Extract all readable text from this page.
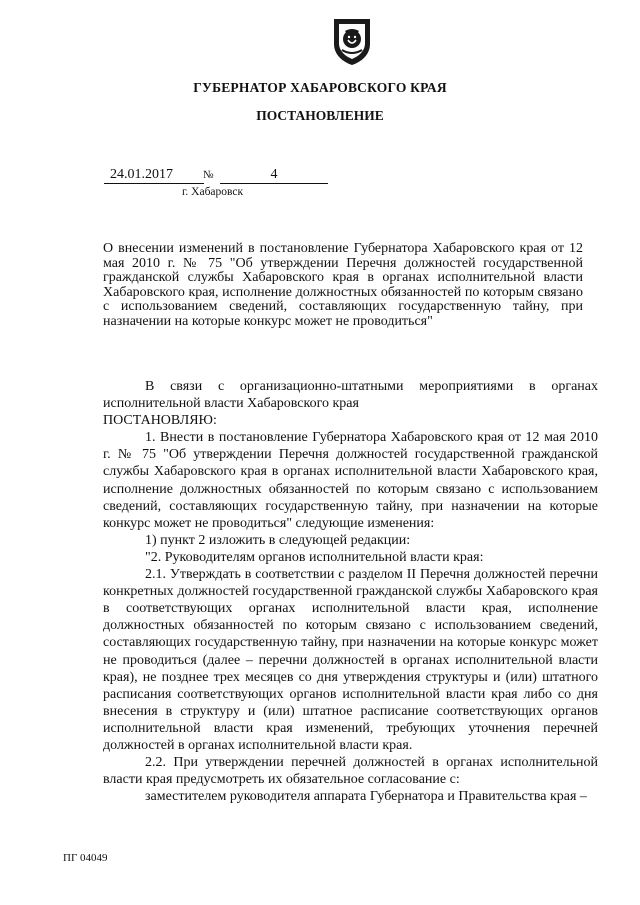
ГУБЕРНАТОР ХАБАРОВСКОГО КРАЯ
ПОСТАНОВЛЕНИЕ
24.01.2017	№	4
г. Хабаровск
О внесении изменений в постановление Губернатора Хабаровского края от 12 мая 2010 г. № 75 "Об утверждении Перечня должностей государственной гражданской службы Хабаровского края в органах исполнительной власти Хабаровского края, исполнение должностных обязанностей по которым связано с использованием сведений, составляющих государственную тайну, при назначении на которые конкурс может не проводиться"

В связи с организационно-штатными мероприятиями в органах исполнительной власти Хабаровского края

ПОСТАНОВЛЯЮ:

1. Внести в постановление Губернатора Хабаровского края от 12 мая 2010 г. № 75 "Об утверждении Перечня должностей государственной гражданской службы Хабаровского края в органах исполнительной власти Хабаровского края, исполнение должностных обязанностей по которым связано с использованием сведений, составляющих государственную тайну, при назначении на которые конкурс может не проводиться" следующие изменения:

1) пункт 2 изложить в следующей редакции:

"2. Руководителям органов исполнительной власти края:

2.1. Утверждать в соответствии с разделом II Перечня должностей перечни конкретных должностей государственной гражданской службы Хабаровского края в соответствующих органах исполнительной власти края, исполнение должностных обязанностей по которым связано с использованием сведений, составляющих государственную тайну, при назначении на которые конкурс может не проводиться (далее – перечни должностей в органах исполнительной власти края), не позднее трех месяцев со дня утверждения структуры и (или) штатного расписания соответствующих органов исполнительной власти края либо со дня внесения в структуру и (или) штатное расписание соответствующих органов исполнительной власти края изменений, требующих уточнения перечней должностей в органах исполнительной власти края.

2.2. При утверждении перечней должностей в органах исполнительной власти края предусмотреть их обязательное согласование с:

заместителем руководителя аппарата Губернатора и Правительства края –

ПГ 04049
